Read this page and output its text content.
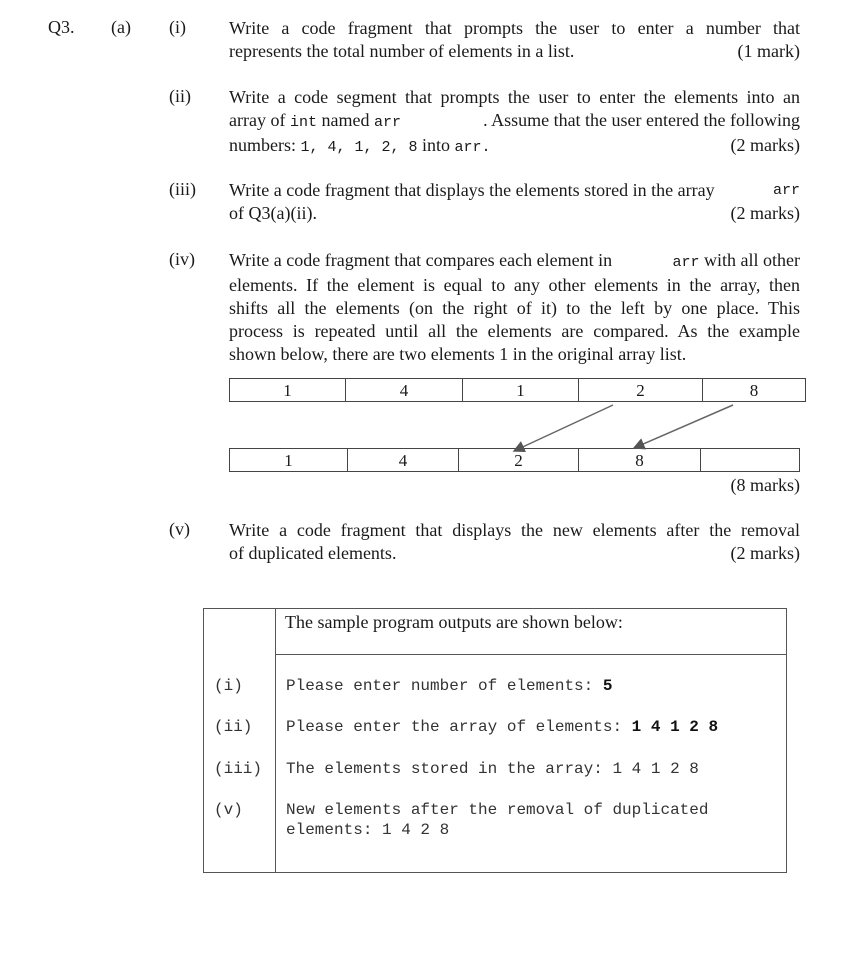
Q3. (a) (i) Write a code fragment that prompts the user to enter a number that
represents the total number of elements in a list.	(1 mark)
(ii) Write a code segment that prompts the user to enter the elements into an
array of int named arr	. Assume that the user entered the following
numbers: 1, 4, 1, 2, 8 into arr.	(2 marks)
(iii) Write a code fragment that displays the elements stored in the array	arr
of Q3(a)(ii).	(2 marks)
(iv) Write a code fragment that compares each element in	arr with all other
elements. If the element is equal to any other elements in the array, then
shifts all the elements (on the right of it) to the left by one place. This
process is repeated until all the elements are compared. As the example
shown below, there are two elements 1 in the original array list.
1	4	1	2	8
1	4	2	8
(8 marks)
(v) Write a code fragment that displays the new elements after the removal
of duplicated elements.	(2 marks)
The sample program outputs are shown below:
(i)	Please enter number of elements: 5
(ii) Please enter the array of elements: 1 4 1 2 8
(iii) The elements stored in the array: 1 4 1 2 8
(v)	New elements after the removal of duplicated
elements: 1 4 2 8
